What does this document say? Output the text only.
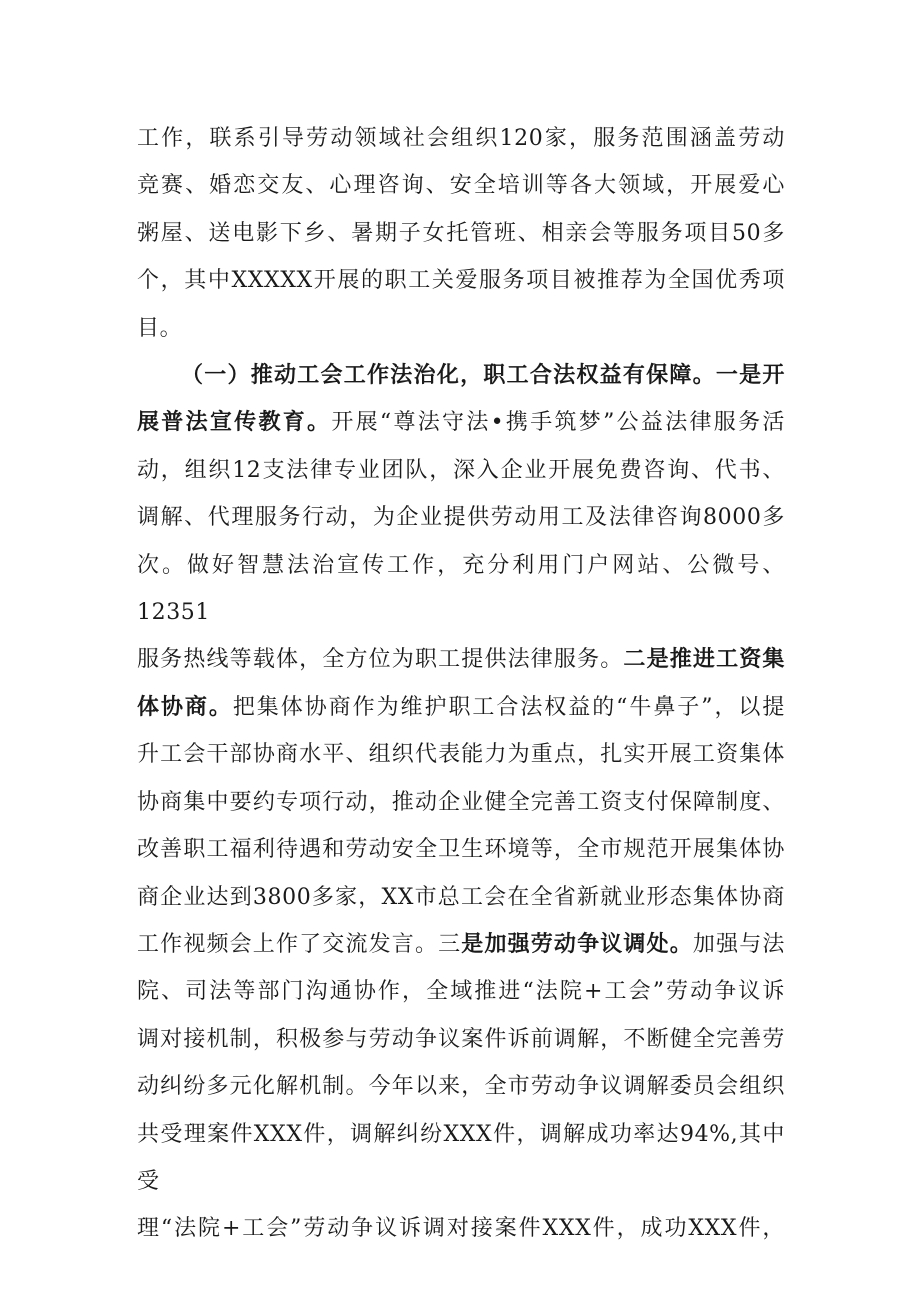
工作，联系引导劳动领域社会组织120家，服务范围涵盖劳动
竞赛、婚恋交友、心理咨询、安全培训等各大领域，开展爱心
粥屋、送电影下乡、暑期子女托管班、相亲会等服务项目50多
个，其中XXXXX开展的职工关爱服务项目被推荐为全国优秀项
目。
（一）推动工会工作法治化，职工合法权益有保障。一是开
展普法宣传教育。开展“尊法守法•携手筑梦”公益法律服务活
动，组织12支法律专业团队，深入企业开展免费咨询、代书、
调解、代理服务行动，为企业提供劳动用工及法律咨询8000多
次。做好智慧法治宣传工作，充分利用门户网站、公微号、12351
服务热线等载体，全方位为职工提供法律服务。二是推进工资集
体协商。把集体协商作为维护职工合法权益的“牛鼻子”，以提
升工会干部协商水平、组织代表能力为重点，扎实开展工资集体
协商集中要约专项行动，推动企业健全完善工资支付保障制度、
改善职工福利待遇和劳动安全卫生环境等，全市规范开展集体协
商企业达到3800多家，XX市总工会在全省新就业形态集体协商
工作视频会上作了交流发言。三是加强劳动争议调处。加强与法
院、司法等部门沟通协作，全域推进“法院+工会”劳动争议诉
调对接机制，积极参与劳动争议案件诉前调解，不断健全完善劳
动纠纷多元化解机制。今年以来，全市劳动争议调解委员会组织
共受理案件XXX件，调解纠纷XXX件，调解成功率达94%,其中受
理“法院+工会”劳动争议诉调对接案件XXX件，成功XXX件，
